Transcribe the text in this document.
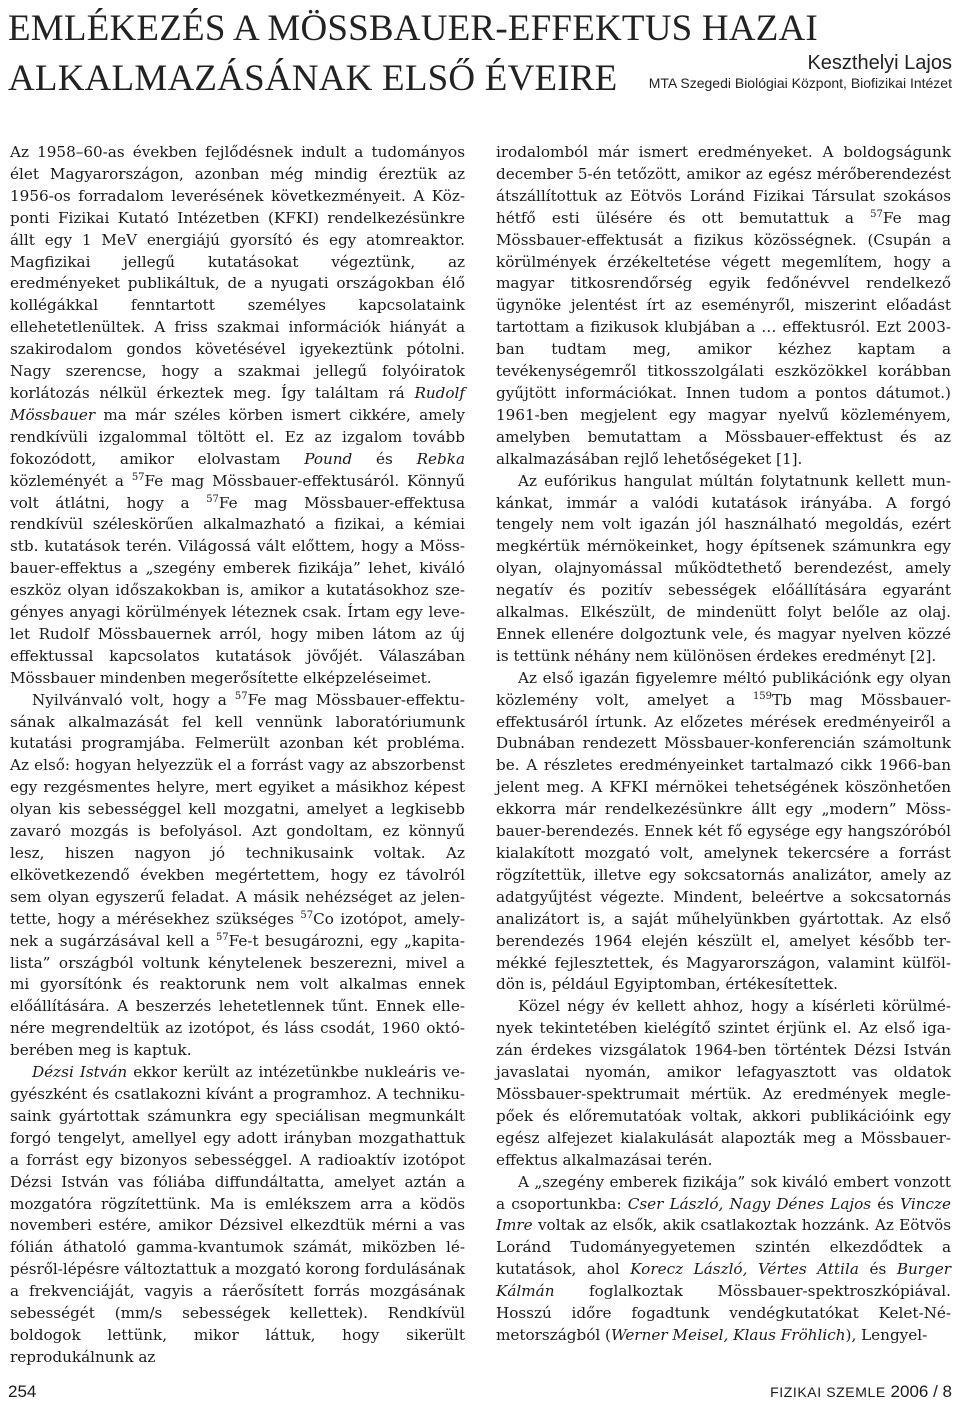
EMLÉKEZÉS A MÖSSBAUER-EFFEKTUS HAZAI

ALKALMAZÁSÁNAK ELSŐ ÉVEIRE	Keszthelyi Lajos
MTA Szegedi Biológiai Központ, Biofizikai Intézet

Az 1958–60-as években fejlődésnek indult a tudományos élet Magyarországon, azonban még mindig éreztük az 1956-os forradalom leverésének következményeit. A Központi Fizikai Kutató Intézetben (KFKI) rendelkezésünkre állt egy 1 MeV energiájú gyorsító és egy atomreaktor. Magfizikai jellegű kutatásokat végeztünk, az eredményeket publikáltuk, de a nyugati országokban élő kollégákkal fenntartott személyes kapcsolataink ellehetetlenültek. A friss szakmai információk hiányát a szakirodalom gondos követésével igyekeztünk pótolni. Nagy szerencse, hogy a szakmai jellegű folyóiratok korlátozás nélkül érkeztek meg. Így találtam rá Rudolf Mössbauer ma már széles körben ismert cikkére, amely rendkívüli izgalommal töltött el. Ez az izgalom tovább fokozódott, amikor elolvastam Pound és Rebka közleményét a $^{57}$Fe mag Mössbauer-effektusáról. Könnyű volt átlátni, hogy a $^{57}$Fe mag Mössbauer-effektusa rendkívül széleskörűen alkalmazható a fizikai, a kémiai stb. kutatások terén. Világossá vált előttem, hogy a Mössbauer-effektus a „szegény emberek fizikája” lehet, kiváló eszköz olyan időszakokban is, amikor a kutatásokhoz szegényes anyagi körülmények léteznek csak. Írtam egy levelet Rudolf Mössbauernek arról, hogy miben látom az új effektussal kapcsolatos kutatások jövőjét. Válaszában Mössbauer mindenben megerősítette elképzeléseimet.

Nyilvánvaló volt, hogy a $^{57}$Fe mag Mössbauer-effektusának alkalmazását fel kell vennünk laboratóriumunk kutatási programjába. Felmerült azonban két probléma. Az első: hogyan helyezzük el a forrást vagy az abszorbenst egy rezgésmentes helyre, mert egyiket a másikhoz képest olyan kis sebességgel kell mozgatni, amelyet a legkisebb zavaró mozgás is befolyásol. Azt gondoltam, ez könnyű lesz, hiszen nagyon jó technikusaink voltak. Az elkövetkezendő években megértettem, hogy ez távolról sem olyan egyszerű feladat. A másik nehézséget az jelentette, hogy a mérésekhez szükséges $^{57}$Co izotópot, amelynek a sugárzásával kell a $^{57}$Fe-t besugározni, egy „kapitalista” országból voltunk kénytelenek beszerezni, mivel a mi gyorsítónk és reaktorunk nem volt alkalmas ennek előállítására. A beszerzés lehetetlennek tűnt. Ennek ellenére megrendeltük az izotópot, és láss csodát, 1960 októberében meg is kaptuk.

Dézsi István ekkor került az intézetünkbe nukleáris vegyészként és csatlakozni kívánt a programhoz. A technikusaink gyártottak számunkra egy speciálisan megmunkált forgó tengelyt, amellyel egy adott irányban mozgathattuk a forrást egy bizonyos sebességgel. A radioaktív izotópot Dézsi István vas fóliába diffundáltatta, amelyet aztán a mozgatóra rögzítettünk. Ma is emlékszem arra a ködös novemberi estére, amikor Dézsivel elkezdtük mérni a vas fólián áthatoló gamma-kvantumok számát, miközben lépésről-lépésre változtattuk a mozgató korong fordulásának a frekvenciáját, vagyis a ráerősített forrás mozgásának sebességét (mm/s sebességek kellettek). Rendkívül boldogok lettünk, mikor láttuk, hogy sikerült reprodukálnunk az

irodalomból már ismert eredményeket. A boldogságunk december 5-én tetőzött, amikor az egész mérőberendezést átszállítottuk az Eötvös Loránd Fizikai Társulat szokásos hétfő esti ülésére és ott bemutattuk a $^{57}$Fe mag Mössbauer-effektusát a fizikus közösségnek. (Csupán a körülmények érzékeltetése végett megemlítem, hogy a magyar titkosrendőrség egyik fedőnévvel rendelkező ügynöke jelentést írt az eseményről, miszerint előadást tartottam a fizikusok klubjában a … effektusról. Ezt 2003-ban tudtam meg, amikor kézhez kaptam a tevékenységemről titkosszolgálati eszközökkel korábban gyűjtött információkat. Innen tudom a pontos dátumot.) 1961-ben megjelent egy magyar nyelvű közleményem, amelyben bemutattam a Mössbauer-effektust és az alkalmazásában rejlő lehetőségeket [1].

Az eufórikus hangulat múltán folytatnunk kellett munkánkat, immár a valódi kutatások irányába. A forgó tengely nem volt igazán jól használható megoldás, ezért megkértük mérnökeinket, hogy építsenek számunkra egy olyan, olajnyomással működtethető berendezést, amely negatív és pozitív sebességek előállítására egyaránt alkalmas. Elkészült, de mindenütt folyt belőle az olaj. Ennek ellenére dolgoztunk vele, és magyar nyelven közzé is tettünk néhány nem különösen érdekes eredményt [2].

Az első igazán figyelemre méltó publikációnk egy olyan közlemény volt, amelyet a $^{159}$Tb mag Mössbauer-effektusáról írtunk. Az előzetes mérések eredményeiről a Dubnában rendezett Mössbauer-konferencián számoltunk be. A részletes eredményeinket tartalmazó cikk 1966-ban jelent meg. A KFKI mérnökei tehetségének köszönhetően ekkorra már rendelkezésünkre állt egy „modern” Mössbauer-berendezés. Ennek két fő egysége egy hangszóróból kialakított mozgató volt, amelynek tekercsére a forrást rögzítettük, illetve egy sokcsatornás analizátor, amely az adatgyűjtést végezte. Mindent, beleértve a sokcsatornás analizátort is, a saját műhelyünkben gyártottak. Az első berendezés 1964 elején készült el, amelyet később termékké fejlesztettek, és Magyarországon, valamint külföldön is, például Egyiptomban, értékesítettek.

Közel négy év kellett ahhoz, hogy a kísérleti körülmények tekintetében kielégítő szintet érjünk el. Az első igazán érdekes vizsgálatok 1964-ben történtek Dézsi István javaslatai nyomán, amikor lefagyasztott vas oldatok Mössbauer-spektrumait mértük. Az eredmények meglepőek és előremutatóak voltak, akkori publikációink egy egész alfejezet kialakulását alapozták meg a Mössbauer-effektus alkalmazásai terén.

A „szegény emberek fizikája” sok kiváló embert vonzott a csoportunkba: Cser László, Nagy Dénes Lajos és Vincze Imre voltak az elsők, akik csatlakoztak hozzánk. Az Eötvös Loránd Tudományegyetemen szintén elkezdődtek a kutatások, ahol Korecz László, Vértes Attila és Burger Kálmán foglalkoztak Mössbauer-spektroszkópiával. Hosszú időre fogadtunk vendégkutatókat Kelet-Németországból (Werner Meisel, Klaus Fröhlich), Lengyel-

254	FIZIKAI SZEMLE 2006 / 8
